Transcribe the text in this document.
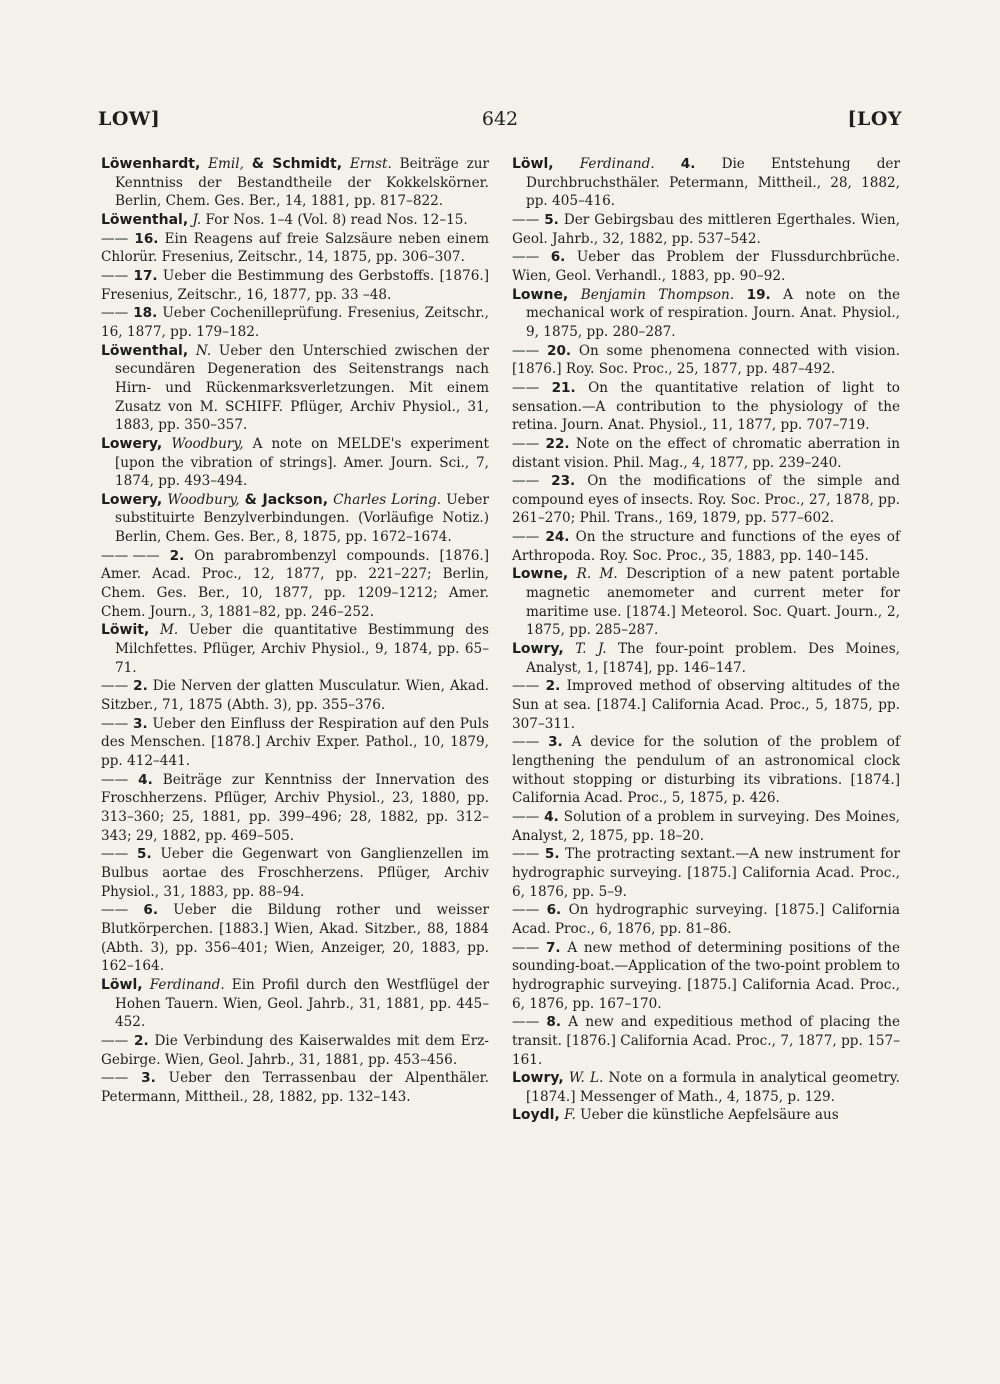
LOW]	642	[LOY

Löwenhardt, Emil, & Schmidt, Ernst. Beiträge zur Kenntniss der Bestandtheile der Kokkelskörner. Berlin, Chem. Ges. Ber., 14, 1881, pp. 817–822.

Löwenthal, J. For Nos. 1–4 (Vol. 8) read Nos. 12–15.

—— 16. Ein Reagens auf freie Salzsäure neben einem Chlorür. Fresenius, Zeitschr., 14, 1875, pp. 306–307.

—— 17. Ueber die Bestimmung des Gerbstoffs. [1876.] Fresenius, Zeitschr., 16, 1877, pp. 33 –48.

—— 18. Ueber Cochenilleprüfung. Fresenius, Zeitschr., 16, 1877, pp. 179–182.

Löwenthal, N. Ueber den Unterschied zwischen der secundären Degeneration des Seitenstrangs nach Hirn- und Rückenmarksverletzungen. Mit einem Zusatz von M. SCHIFF. Pflüger, Archiv Physiol., 31, 1883, pp. 350–357.

Lowery, Woodbury, A note on MELDE's experiment [upon the vibration of strings]. Amer. Journ. Sci., 7, 1874, pp. 493–494.

Lowery, Woodbury, & Jackson, Charles Loring. Ueber substituirte Benzylverbindungen. (Vorläufige Notiz.) Berlin, Chem. Ges. Ber., 8, 1875, pp. 1672–1674.

—— —— 2. On parabrombenzyl compounds. [1876.] Amer. Acad. Proc., 12, 1877, pp. 221–227; Berlin, Chem. Ges. Ber., 10, 1877, pp. 1209–1212; Amer. Chem. Journ., 3, 1881–82, pp. 246–252.

Löwit, M. Ueber die quantitative Bestimmung des Milchfettes. Pflüger, Archiv Physiol., 9, 1874, pp. 65–71.

—— 2. Die Nerven der glatten Musculatur. Wien, Akad. Sitzber., 71, 1875 (Abth. 3), pp. 355–376.

—— 3. Ueber den Einfluss der Respiration auf den Puls des Menschen. [1878.] Archiv Exper. Pathol., 10, 1879, pp. 412–441.

—— 4. Beiträge zur Kenntniss der Innervation des Froschherzens. Pflüger, Archiv Physiol., 23, 1880, pp. 313–360; 25, 1881, pp. 399–496; 28, 1882, pp. 312–343; 29, 1882, pp. 469–505.

—— 5. Ueber die Gegenwart von Ganglienzellen im Bulbus aortae des Froschherzens. Pflüger, Archiv Physiol., 31, 1883, pp. 88–94.

—— 6. Ueber die Bildung rother und weisser Blutkörperchen. [1883.] Wien, Akad. Sitzber., 88, 1884 (Abth. 3), pp. 356–401; Wien, Anzeiger, 20, 1883, pp. 162–164.

Löwl, Ferdinand. Ein Profil durch den Westflügel der Hohen Tauern. Wien, Geol. Jahrb., 31, 1881, pp. 445–452.

—— 2. Die Verbindung des Kaiserwaldes mit dem Erz-Gebirge. Wien, Geol. Jahrb., 31, 1881, pp. 453–456.

—— 3. Ueber den Terrassenbau der Alpenthäler. Petermann, Mittheil., 28, 1882, pp. 132–143.

Löwl, Ferdinand. 4. Die Entstehung der Durchbruchsthäler. Petermann, Mittheil., 28, 1882, pp. 405–416.

—— 5. Der Gebirgsbau des mittleren Egerthales. Wien, Geol. Jahrb., 32, 1882, pp. 537–542.

—— 6. Ueber das Problem der Flussdurchbrüche. Wien, Geol. Verhandl., 1883, pp. 90–92.

Lowne, Benjamin Thompson. 19. A note on the mechanical work of respiration. Journ. Anat. Physiol., 9, 1875, pp. 280–287.

—— 20. On some phenomena connected with vision. [1876.] Roy. Soc. Proc., 25, 1877, pp. 487–492.

—— 21. On the quantitative relation of light to sensation.—A contribution to the physiology of the retina. Journ. Anat. Physiol., 11, 1877, pp. 707–719.

—— 22. Note on the effect of chromatic aberration in distant vision. Phil. Mag., 4, 1877, pp. 239–240.

—— 23. On the modifications of the simple and compound eyes of insects. Roy. Soc. Proc., 27, 1878, pp. 261–270; Phil. Trans., 169, 1879, pp. 577–602.

—— 24. On the structure and functions of the eyes of Arthropoda. Roy. Soc. Proc., 35, 1883, pp. 140–145.

Lowne, R. M. Description of a new patent portable magnetic anemometer and current meter for maritime use. [1874.] Meteorol. Soc. Quart. Journ., 2, 1875, pp. 285–287.

Lowry, T. J. The four-point problem. Des Moines, Analyst, 1, [1874], pp. 146–147.

—— 2. Improved method of observing altitudes of the Sun at sea. [1874.] California Acad. Proc., 5, 1875, pp. 307–311.

—— 3. A device for the solution of the problem of lengthening the pendulum of an astronomical clock without stopping or disturbing its vibrations. [1874.] California Acad. Proc., 5, 1875, p. 426.

—— 4. Solution of a problem in surveying. Des Moines, Analyst, 2, 1875, pp. 18–20.

—— 5. The protracting sextant.—A new instrument for hydrographic surveying. [1875.] California Acad. Proc., 6, 1876, pp. 5–9.

—— 6. On hydrographic surveying. [1875.] California Acad. Proc., 6, 1876, pp. 81–86.

—— 7. A new method of determining positions of the sounding-boat.—Application of the two-point problem to hydrographic surveying. [1875.] California Acad. Proc., 6, 1876, pp. 167–170.

—— 8. A new and expeditious method of placing the transit. [1876.] California Acad. Proc., 7, 1877, pp. 157–161.

Lowry, W. L. Note on a formula in analytical geometry. [1874.] Messenger of Math., 4, 1875, p. 129.

Loydl, F. Ueber die künstliche Aepfelsäure aus
